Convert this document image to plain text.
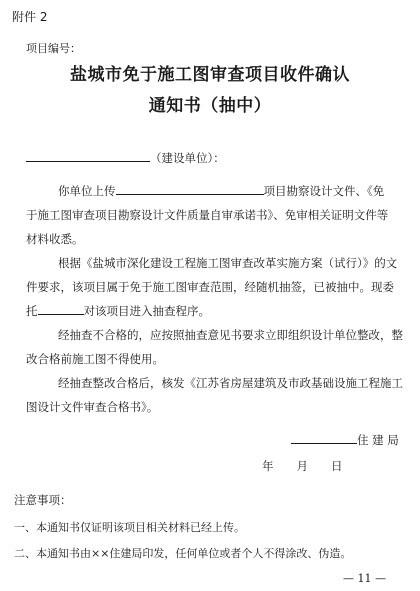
附件 2
项目编号：
盐城市免于施工图审查项目收件确认
通知书（抽中）
（建设单位）：
你单位上传	项目勘察设计文件、《免
于施工图审查项目勘察设计文件质量自审承诺书》、免审相关证明文件等
材料收悉。
根据《盐城市深化建设工程施工图审查改革实施方案（试行）》的文
件要求，该项目属于免于施工图审查范围，经随机抽签，已被抽中。现委
托	对该项目进入抽查程序。
经抽查不合格的，应按照抽查意见书要求立即组织设计单位整改，整
改合格前施工图不得使用。
经抽查整改合格后，核发《江苏省房屋建筑及市政基础设施工程施工
图设计文件审查合格书》。
住 建 局
年　　月　　日
注意事项：
一、本通知书仅证明该项目相关材料已经上传。
二、本通知书由××住建局印发，任何单位或者个人不得涂改、伪造。
— 11 —
